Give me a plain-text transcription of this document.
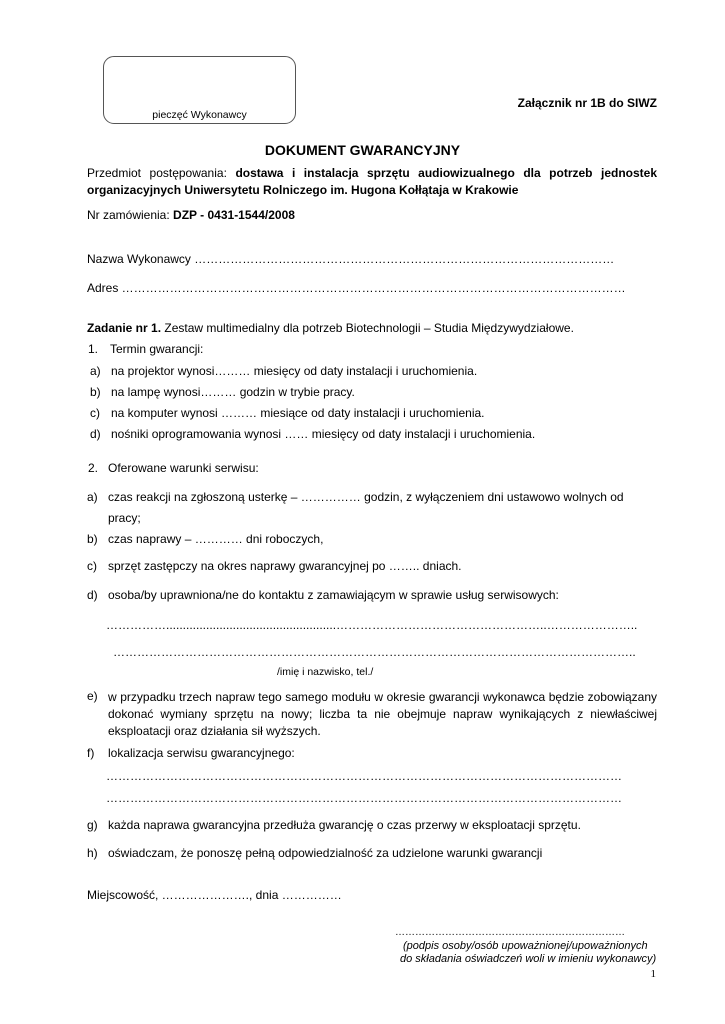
pieczęć Wykonawcy
Załącznik nr 1B do SIWZ
DOKUMENT GWARANCYJNY
Przedmiot postępowania: dostawa i instalacja sprzętu audiowizualnego dla potrzeb jednostek organizacyjnych Uniwersytetu Rolniczego im. Hugona Kołłątaja w Krakowie
Nr zamówienia: DZP - 0431-1544/2008
Nazwa Wykonawcy ……………………………………………………………………………………………
Adres ………………………………………………………………………………………………………………
Zadanie nr 1. Zestaw multimedialny dla potrzeb Biotechnologii – Studia Międzywydziałowe.
1. Termin gwarancji:
a) na projektor wynosi……… miesięcy od daty instalacji i uruchomienia.
b) na lampę wynosi……… godzin w trybie pracy.
c) na komputer wynosi ……… miesiące od daty instalacji i uruchomienia.
d) nośniki oprogramowania wynosi …… miesięcy od daty instalacji i uruchomienia.
2. Oferowane warunki serwisu:
a) czas reakcji na zgłoszoną usterkę – …………… godzin, z wyłączeniem dni ustawowo wolnych od
pracy;
b) czas naprawy – ………… dni roboczych,
c) sprzęt zastępczy na okres naprawy gwarancyjnej po …….. dniach.
d) osoba/by uprawniona/ne do kontaktu z zamawiającym w sprawie usług serwisowych:
……………...................................................……………………………………………..…………………..
…………………………………………………………………………………………………………………..
/imię i nazwisko, tel./
e) w przypadku trzech napraw tego samego modułu w okresie gwarancji wykonawca będzie zobowiązany dokonać wymiany sprzętu na nowy; liczba ta nie obejmuje napraw wynikających z niewłaściwej eksploatacji oraz działania sił wyższych.
f) lokalizacja serwisu gwarancyjnego:
…………………………………………………………………………………………………………………
…………………………………………………………………………………………………………………
g) każda naprawa gwarancyjna przedłuża gwarancję o czas przerwy w eksploatacji sprzętu.
h) oświadczam, że ponoszę pełną odpowiedzialność za udzielone warunki gwarancji
Miejscowość, …………………., dnia ……………
……………………………………………………………
(podpis osoby/osób upoważnionej/upoważnionych
do składania oświadczeń woli w imieniu wykonawcy)
1
